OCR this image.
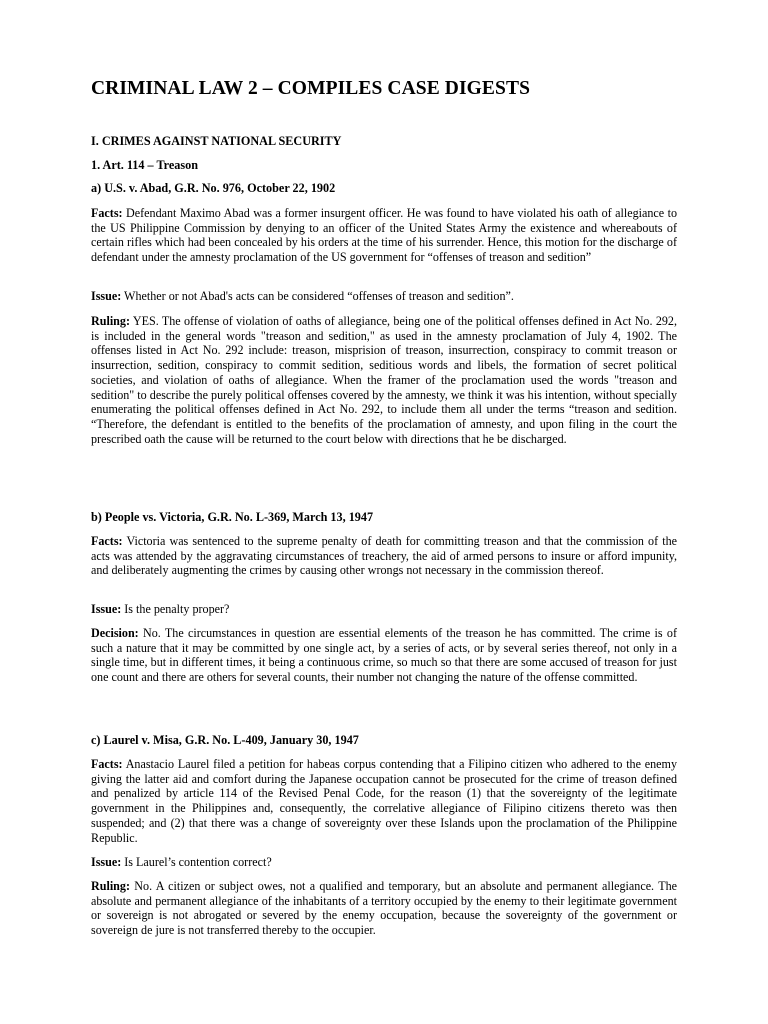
CRIMINAL LAW 2 – COMPILES CASE DIGESTS
I. CRIMES AGAINST NATIONAL SECURITY
1. Art. 114 – Treason
a) U.S. v. Abad, G.R. No. 976, October 22, 1902
Facts: Defendant Maximo Abad was a former insurgent officer. He was found to have violated his oath of allegiance to the US Philippine Commission by denying to an officer of the United States Army the existence and whereabouts of certain rifles which had been concealed by his orders at the time of his surrender. Hence, this motion for the discharge of defendant under the amnesty proclamation of the US government for “offenses of treason and sedition”
Issue: Whether or not Abad's acts can be considered “offenses of treason and sedition”.
Ruling: YES. The offense of violation of oaths of allegiance, being one of the political offenses defined in Act No. 292, is included in the general words "treason and sedition," as used in the amnesty proclamation of July 4, 1902. The offenses listed in Act No. 292 include: treason, misprision of treason, insurrection, conspiracy to commit treason or insurrection, sedition, conspiracy to commit sedition, seditious words and libels, the formation of secret political societies, and violation of oaths of allegiance. When the framer of the proclamation used the words "treason and sedition" to describe the purely political offenses covered by the amnesty, we think it was his intention, without specially enumerating the political offenses defined in Act No. 292, to include them all under the terms “treason and sedition. “Therefore, the defendant is entitled to the benefits of the proclamation of amnesty, and upon filing in the court the prescribed oath the cause will be returned to the court below with directions that he be discharged.
b) People vs. Victoria, G.R. No. L-369, March 13, 1947
Facts: Victoria was sentenced to the supreme penalty of death for committing treason and that the commission of the acts was attended by the aggravating circumstances of treachery, the aid of armed persons to insure or afford impunity, and deliberately augmenting the crimes by causing other wrongs not necessary in the commission thereof.
Issue: Is the penalty proper?
Decision: No. The circumstances in question are essential elements of the treason he has committed. The crime is of such a nature that it may be committed by one single act, by a series of acts, or by several series thereof, not only in a single time, but in different times, it being a continuous crime, so much so that there are some accused of treason for just one count and there are others for several counts, their number not changing the nature of the offense committed.
c) Laurel v. Misa, G.R. No. L-409, January 30, 1947
Facts: Anastacio Laurel filed a petition for habeas corpus contending that a Filipino citizen who adhered to the enemy giving the latter aid and comfort during the Japanese occupation cannot be prosecuted for the crime of treason defined and penalized by article 114 of the Revised Penal Code, for the reason (1) that the sovereignty of the legitimate government in the Philippines and, consequently, the correlative allegiance of Filipino citizens thereto was then suspended; and (2) that there was a change of sovereignty over these Islands upon the proclamation of the Philippine Republic.
Issue: Is Laurel’s contention correct?
Ruling: No. A citizen or subject owes, not a qualified and temporary, but an absolute and permanent allegiance. The absolute and permanent allegiance of the inhabitants of a territory occupied by the enemy to their legitimate government or sovereign is not abrogated or severed by the enemy occupation, because the sovereignty of the government or sovereign de jure is not transferred thereby to the occupier.
